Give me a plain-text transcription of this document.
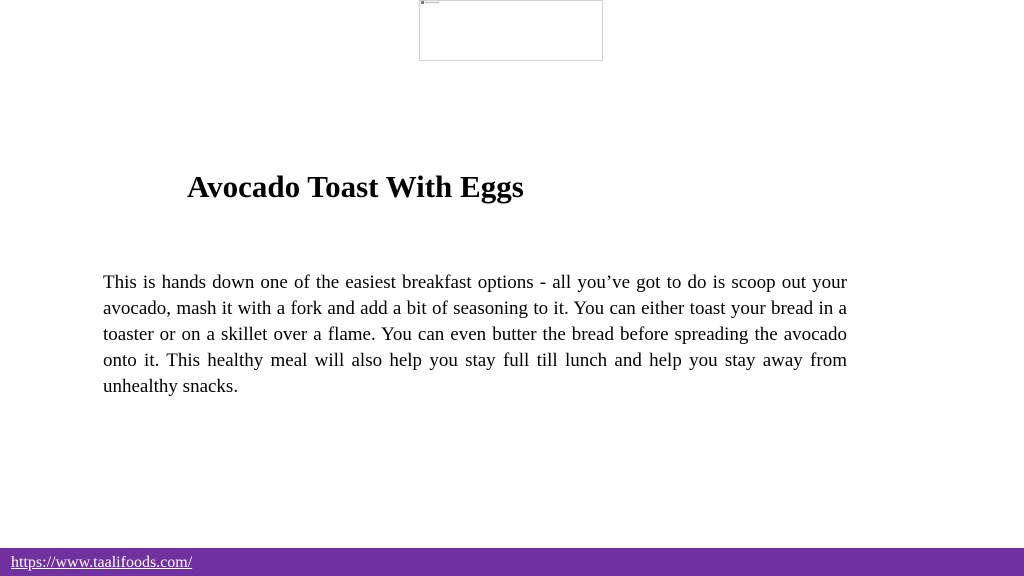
Avocado Toast With Eggs

This is hands down one of the easiest breakfast options - all you’ve got to do is scoop out your avocado, mash it with a fork and add a bit of seasoning to it. You can either toast your bread in a toaster or on a skillet over a flame. You can even butter the bread before spreading the avocado onto it. This healthy meal will also help you stay full till lunch and help you stay away from unhealthy snacks.

https://www.taalifoods.com/
